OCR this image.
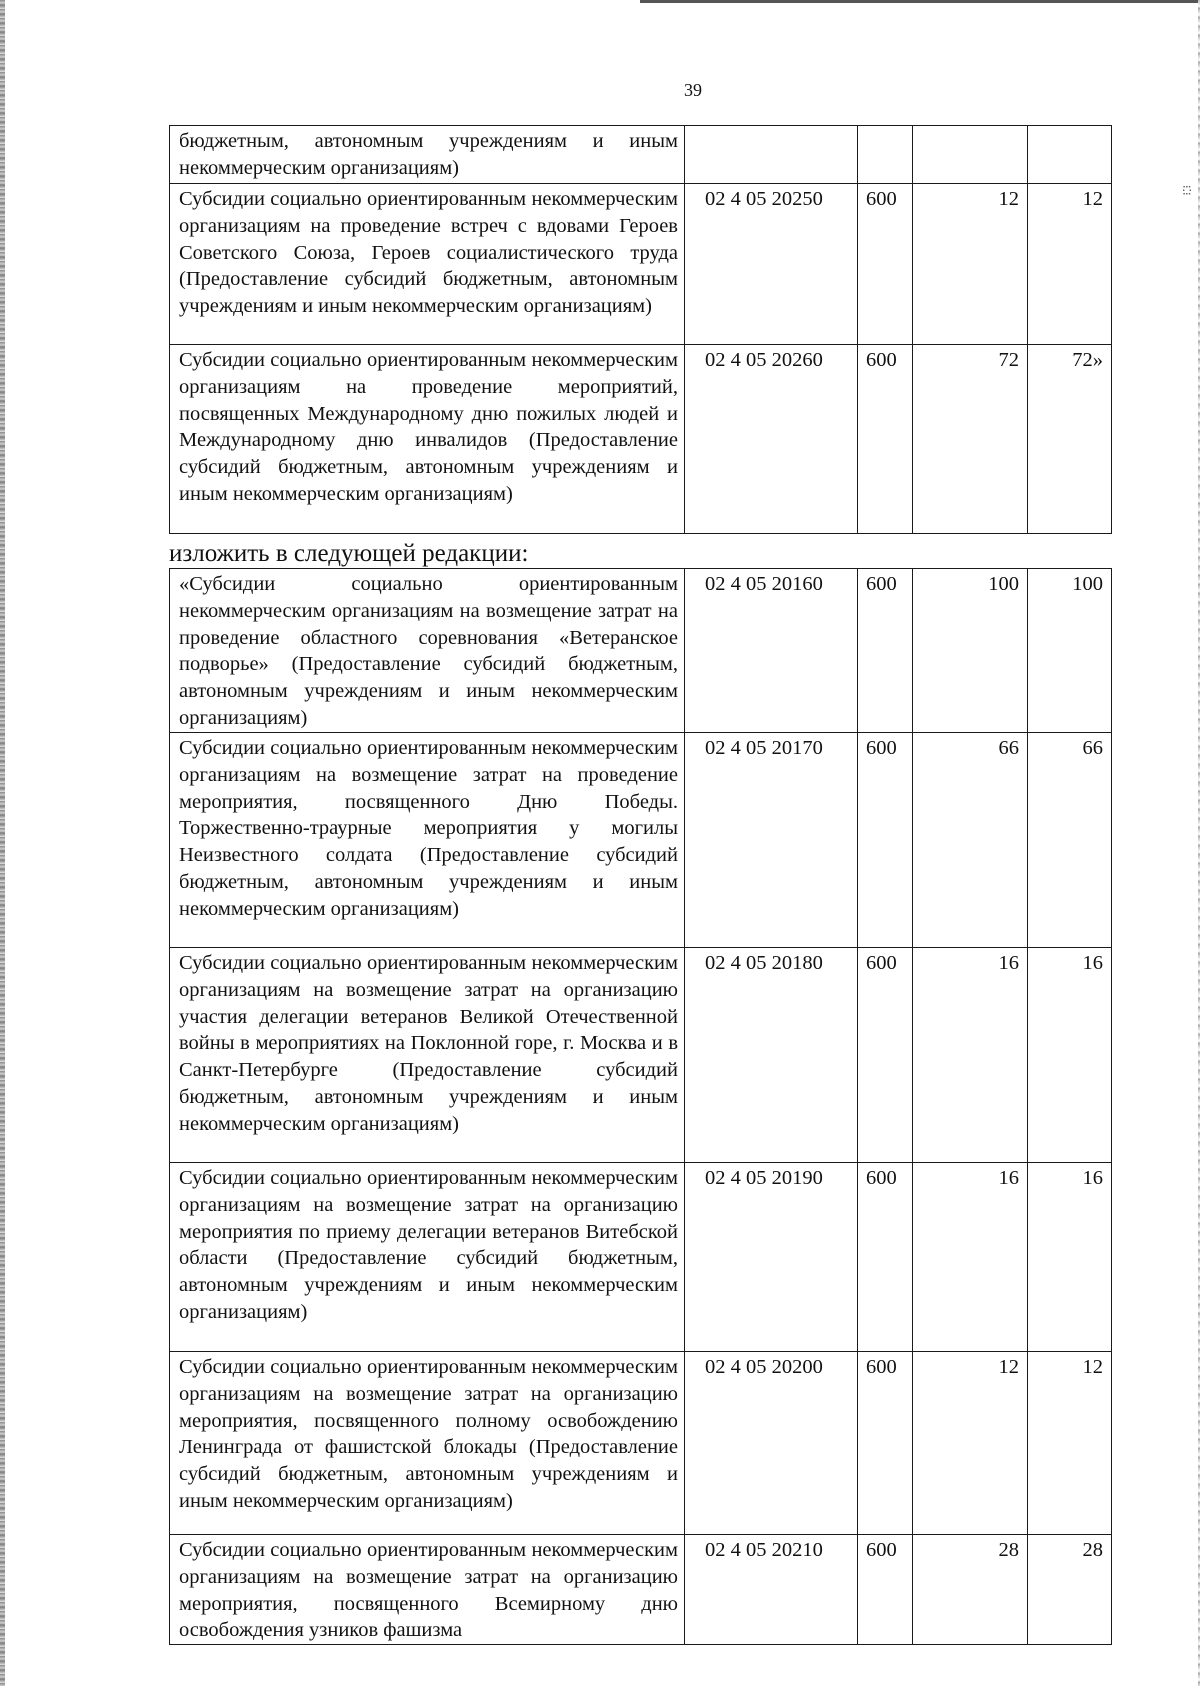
39
бюджетным, автономным учреждениям и иным некоммерческим организациям)				
Субсидии социально ориентированным некоммерческим организациям на проведение встреч с вдовами Героев Советского Союза, Героев социалистического труда (Предоставление субсидий бюджетным, автономным учреждениям и иным некоммерческим организациям)	02 4 05 20250	600	12	12
Субсидии социально ориентированным некоммерческим организациям на проведение мероприятий, посвященных Международному дню пожилых людей и Международному дню инвалидов (Предоставление субсидий бюджетным, автономным учреждениям и иным некоммерческим организациям)	02 4 05 20260	600	72	72»
изложить в следующей редакции:
«Субсидии социально ориентированным некоммерческим организациям на возмещение затрат на проведение областного соревнования «Ветеранское подворье» (Предоставление субсидий бюджетным, автономным учреждениям и иным некоммерческим организациям)	02 4 05 20160	600	100	100
Субсидии социально ориентированным некоммерческим организациям на возмещение затрат на проведение мероприятия, посвященного Дню Победы. Торжественно-траурные мероприятия у могилы Неизвестного солдата (Предоставление субсидий бюджетным, автономным учреждениям и иным некоммерческим организациям)	02 4 05 20170	600	66	66
Субсидии социально ориентированным некоммерческим организациям на возмещение затрат на организацию участия делегации ветеранов Великой Отечественной войны в мероприятиях на Поклонной горе, г. Москва и в Санкт-Петербурге (Предоставление субсидий бюджетным, автономным учреждениям и иным некоммерческим организациям)	02 4 05 20180	600	16	16
Субсидии социально ориентированным некоммерческим организациям на возмещение затрат на организацию мероприятия по приему делегации ветеранов Витебской области (Предоставление субсидий бюджетным, автономным учреждениям и иным некоммерческим организациям)	02 4 05 20190	600	16	16
Субсидии социально ориентированным некоммерческим организациям на возмещение затрат на организацию мероприятия, посвященного полному освобождению Ленинграда от фашистской блокады (Предоставление субсидий бюджетным, автономным учреждениям и иным некоммерческим организациям)	02 4 05 20200	600	12	12
Субсидии социально ориентированным некоммерческим организациям на возмещение затрат на организацию мероприятия, посвященного Всемирному дню освобождения узников фашизма	02 4 05 20210	600	28	28
⁝⁚⁝
